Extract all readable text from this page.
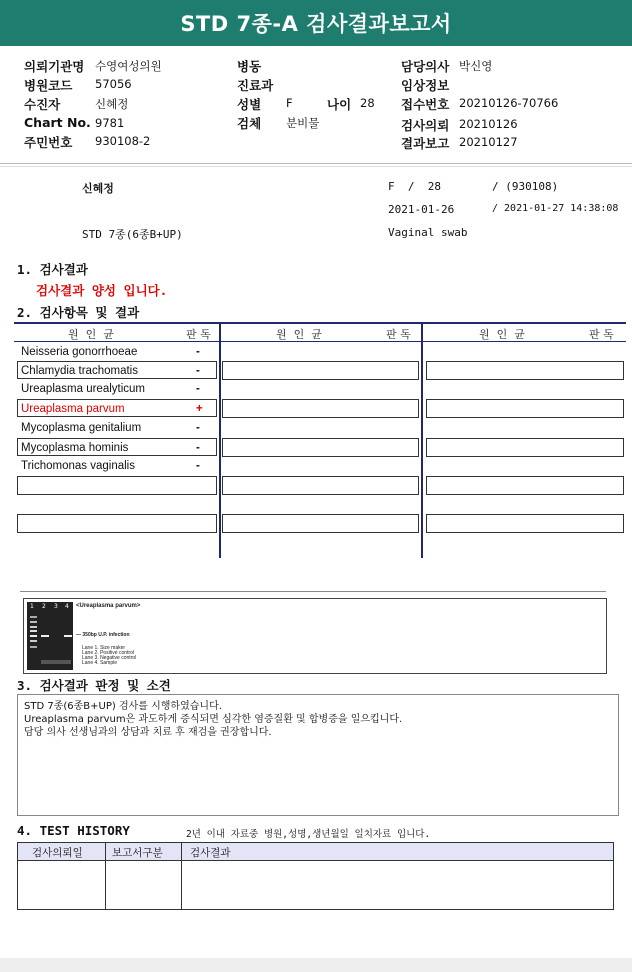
STD 7종-A 검사결과보고서
의뢰기관명 수영여성의원
병원코드 57056
수진자	신혜정
Chart No. 9781
주민번호 930108-2
병동
진료과
성별 F	나이 28
검체 분비물
담당의사 박신영
임상정보
접수번호 20210126-70766
검사의뢰 20210126
결과보고 20210127
신혜정	F  /  28	/ (930108)
2021-01-26	/ 2021-01-27 14:38:08
STD 7종(6종B+UP)	Vaginal swab
1. 검사결과
검사결과 양성 입니다.
2. 검사항목 및 결과
원  인  균	판 독	원  인  균	판 독	원  인  균	판 독
Neisseria gonorrhoeae	-
Chlamydia trachomatis	-
Ureaplasma urealyticum	-
Ureaplasma parvum	+
Mycoplasma genitalium	-
Mycoplasma hominis	-
Trichomonas vaginalis	-
1 2 3 4 <Ureaplasma parvum>
— 350bp U.P. infection
Lane 1. Size maker
Lane 2. Positive control
Lane 3. Negative control
Lane 4. Sample
3. 검사결과 판정 및 소견
STD 7종(6종B+UP) 검사를 시행하였습니다.
Ureaplasma parvum은 과도하게 증식되면 심각한 염증질환 및 합병증을 일으킵니다.
담당 의사 선생님과의 상담과 치료 후 재검을 권장합니다.
4. TEST HISTORY	2년 이내 자료중 병원,성명,생년월일 일치자료 입니다.
검사의뢰일	보고서구분	검사결과
